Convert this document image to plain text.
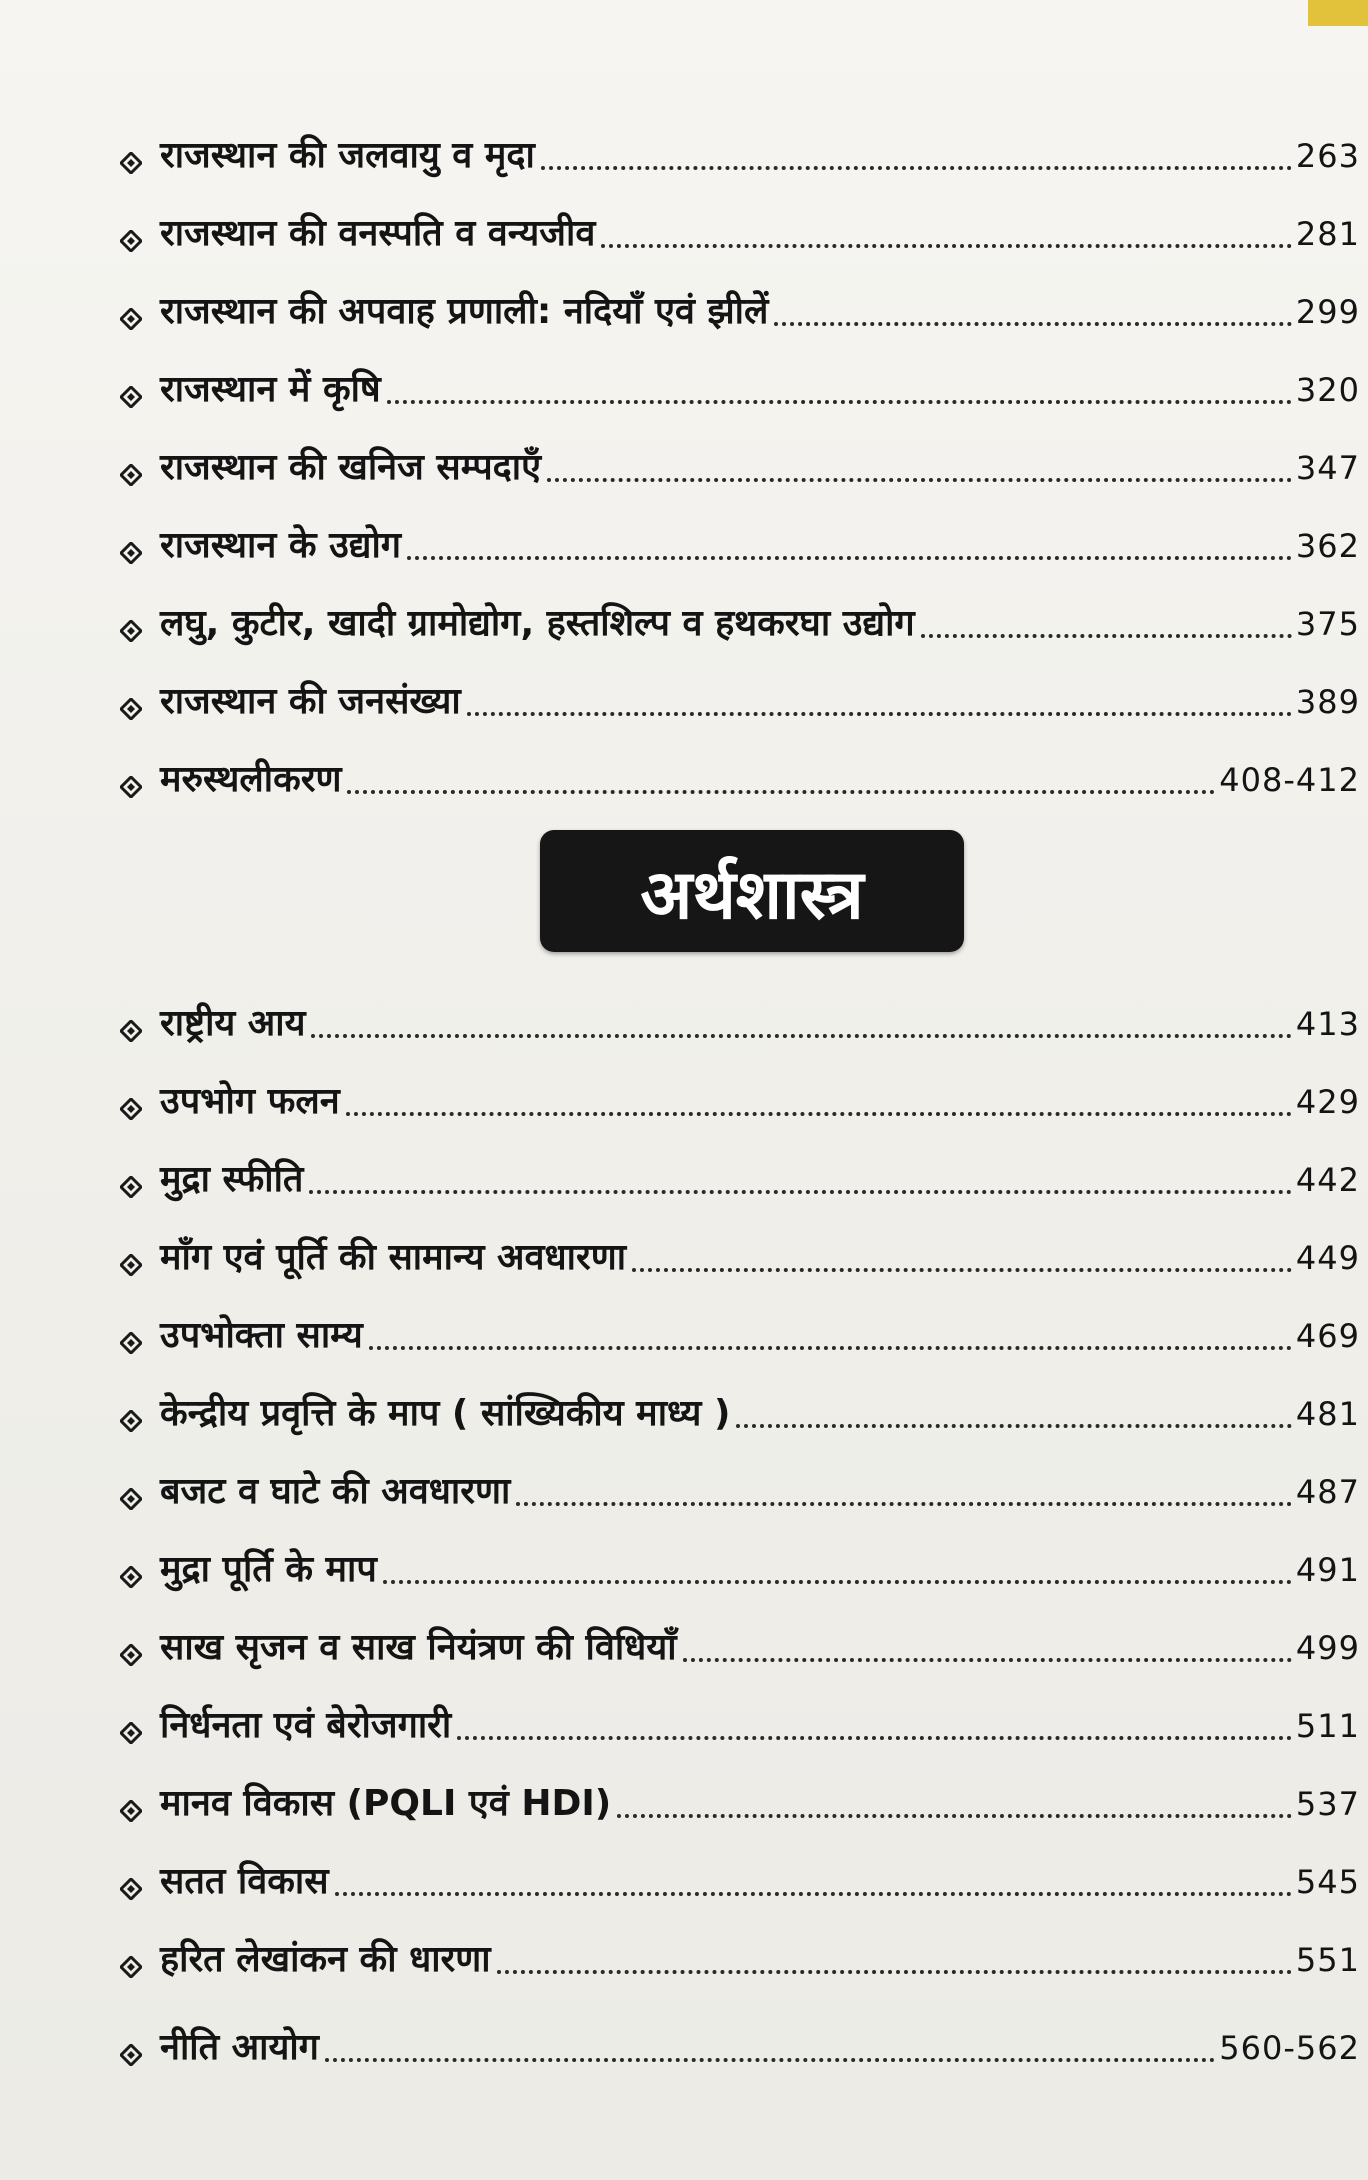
राजस्थान की जलवायु व मृदा	263
राजस्थान की वनस्पति व वन्यजीव	281
राजस्थान की अपवाह प्रणाली: नदियाँ एवं झीलें	299
राजस्थान में कृषि	320
राजस्थान की खनिज सम्पदाएँ	347
राजस्थान के उद्योग	362
लघु, कुटीर, खादी ग्रामोद्योग, हस्तशिल्प व हथकरघा उद्योग	375
राजस्थान की जनसंख्या	389
मरुस्थलीकरण	408-412
अर्थशास्त्र
राष्ट्रीय आय	413
उपभोग फलन	429
मुद्रा स्फीति	442
माँग एवं पूर्ति की सामान्य अवधारणा	449
उपभोक्ता साम्य	469
केन्द्रीय प्रवृत्ति के माप ( सांख्यिकीय माध्य )	481
बजट व घाटे की अवधारणा	487
मुद्रा पूर्ति के माप	491
साख सृजन व साख नियंत्रण की विधियाँ	499
निर्धनता एवं बेरोजगारी	511
मानव विकास (PQLI एवं HDI)	537
सतत विकास	545
हरित लेखांकन की धारणा	551
नीति आयोग	560-562
